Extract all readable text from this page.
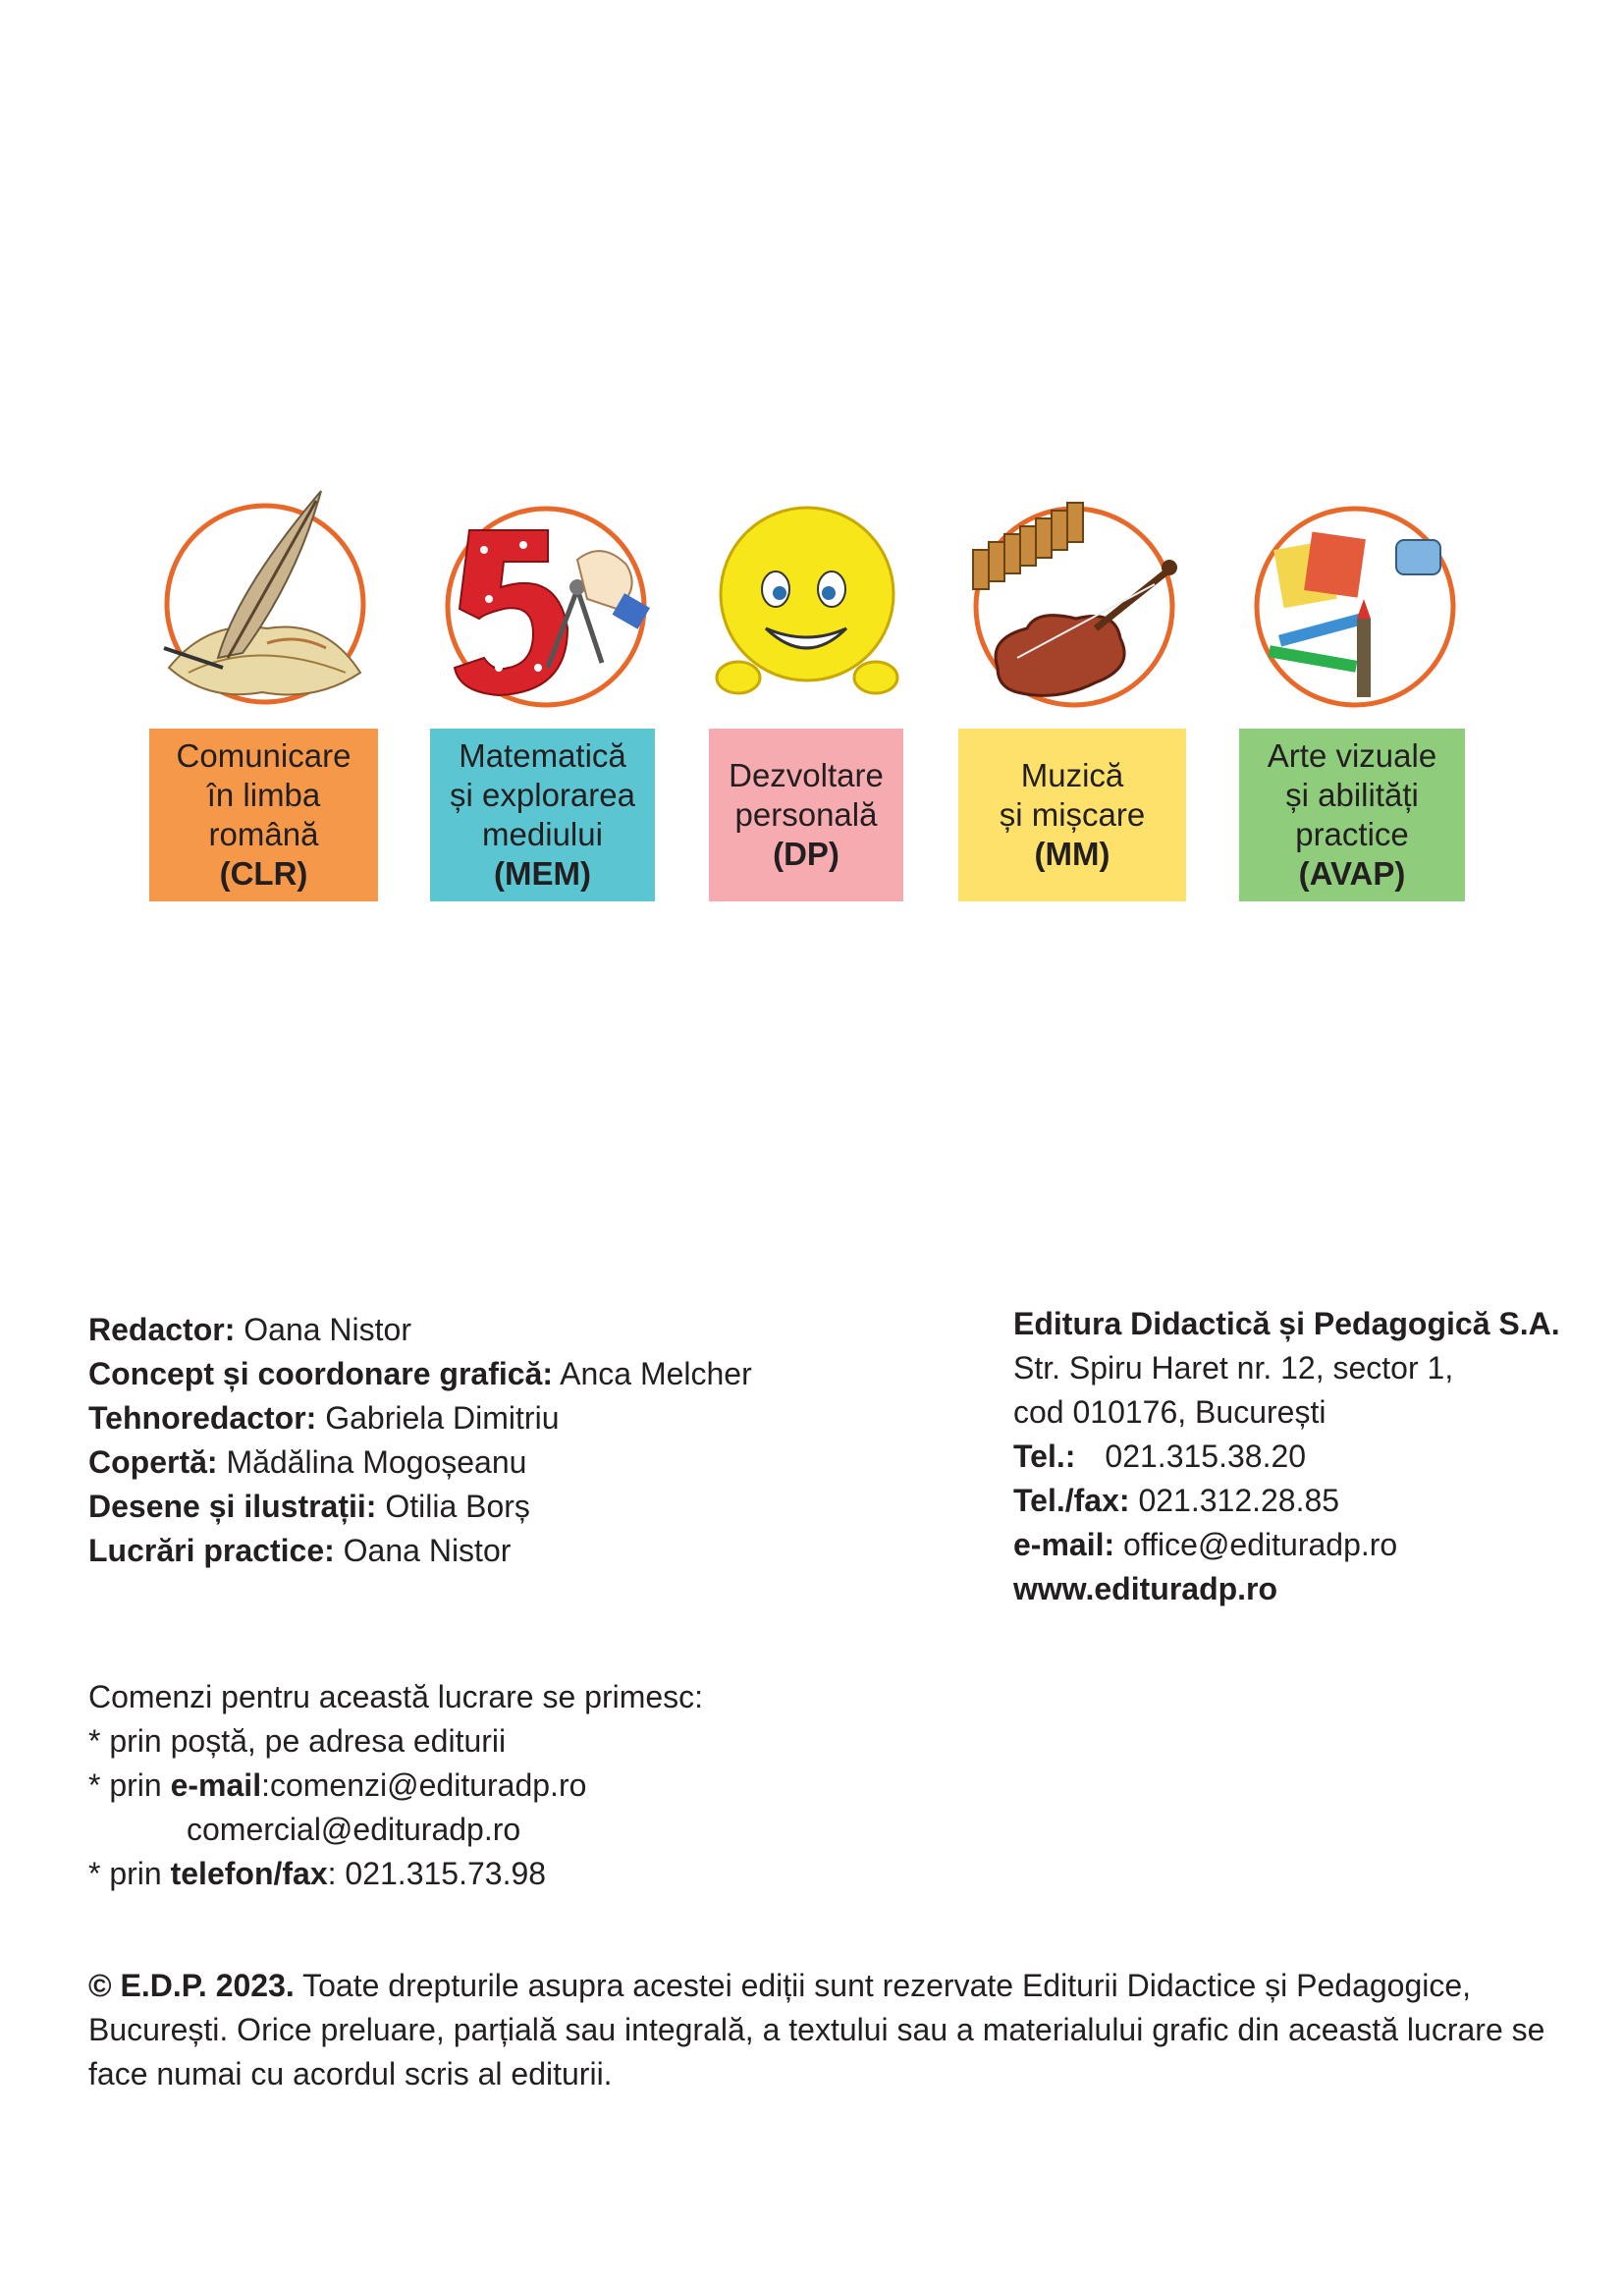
Comunicare
în limba
română
(CLR)
Matematică
și explorarea
mediului
(MEM)
Dezvoltare
personală
(DP)
Muzică
și mișcare
(MM)
Arte vizuale
și abilități
practice
(AVAP)
Redactor: Oana Nistor
Concept și coordonare grafică: Anca Melcher
Tehnoredactor: Gabriela Dimitriu
Copertă: Mădălina Mogoșeanu
Desene și ilustrații: Otilia Borș
Lucrări practice: Oana Nistor
Editura Didactică și Pedagogică S.A.
Str. Spiru Haret nr. 12, sector 1,
cod 010176, București
Tel.: 021.315.38.20
Tel./fax: 021.312.28.85
e-mail: office@edituradp.ro
www.edituradp.ro
Comenzi pentru această lucrare se primesc:
* prin poștă, pe adresa editurii
* prin e-mail:comenzi@edituradp.ro
comercial@edituradp.ro
* prin telefon/fax: 021.315.73.98
© E.D.P. 2023. Toate drepturile asupra acestei ediții sunt rezervate Editurii Didactice și Pedagogice, București. Orice preluare, parțială sau integrală, a textului sau a materialului grafic din această lucrare se face numai cu acordul scris al editurii.
